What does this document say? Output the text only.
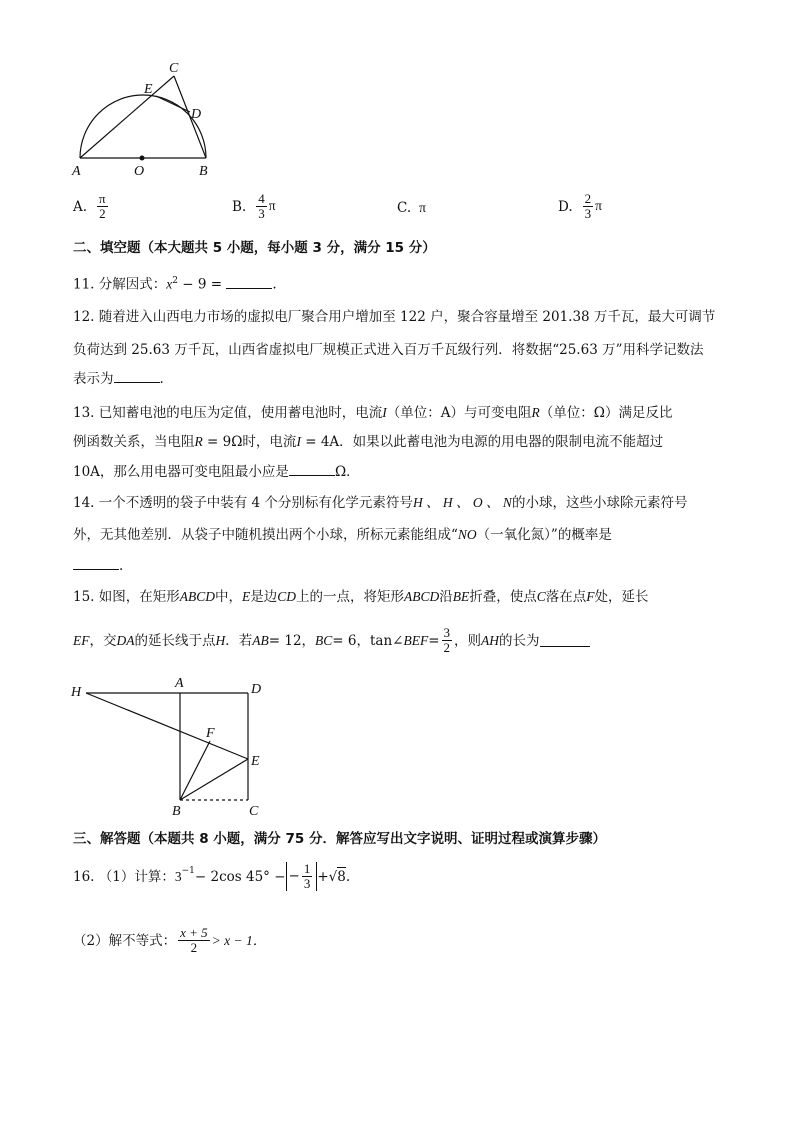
A	O	B
C
E
D
A. $\frac{\pi}{2}$	B. $\frac{4}{3}$ π	C. π	D. $\frac{2}{3}$ π
二、填空题（本大题共 5 小题，每小题 3 分，满分 15 分）
11. 分解因式：$x^2 - 9$ =	.
12. 随着进入山西电力市场的虚拟电厂聚合用户增加至 122 户，聚合容量增至 201.38 万千瓦，最大可调节
负荷达到 25.63 万千瓦，山西省虚拟电厂规模正式进入百万千瓦级行列．将数据“25.63 万”用科学记数法
表示为	.
13. 已知蓄电池的电压为定值，使用蓄电池时，电流I（单位：A）与可变电阻R（单位：Ω）满足反比
例函数关系，当电阻R = 9Ω时，电流I = 4A．如果以此蓄电池为电源的用电器的限制电流不能超过
10A，那么用电器可变电阻最小应是	Ω．
14. 一个不透明的袋子中装有 4 个分别标有化学元素符号H 、 H 、 O 、 N的小球，这些小球除元素符号
外，无其他差别．从袋子中随机摸出两个小球，所标元素能组成“NO（一氧化氮）”的概率是
.
15. 如图，在矩形ABCD中，E是边CD上的一点，将矩形ABCD沿BE折叠，使点C落在点F处，延长
EF ，交 DA 的延长线于点 H ．若 AB = 12， BC = 6， tan∠ BEF = $\frac{3}{2}$ ，则 AH 的长为
H
A	D
F
E
B	C
三、解答题（本题共 8 小题，满分 75 分．解答应写出文字说明、证明过程或演算步骤）
16. （1）计算： $3^{-1} - 2\cos$ 45° − − $\frac{1}{3}$ + √ 8 .
（2）解不等式： $\frac{x + 5}{2} > x - 1$．
